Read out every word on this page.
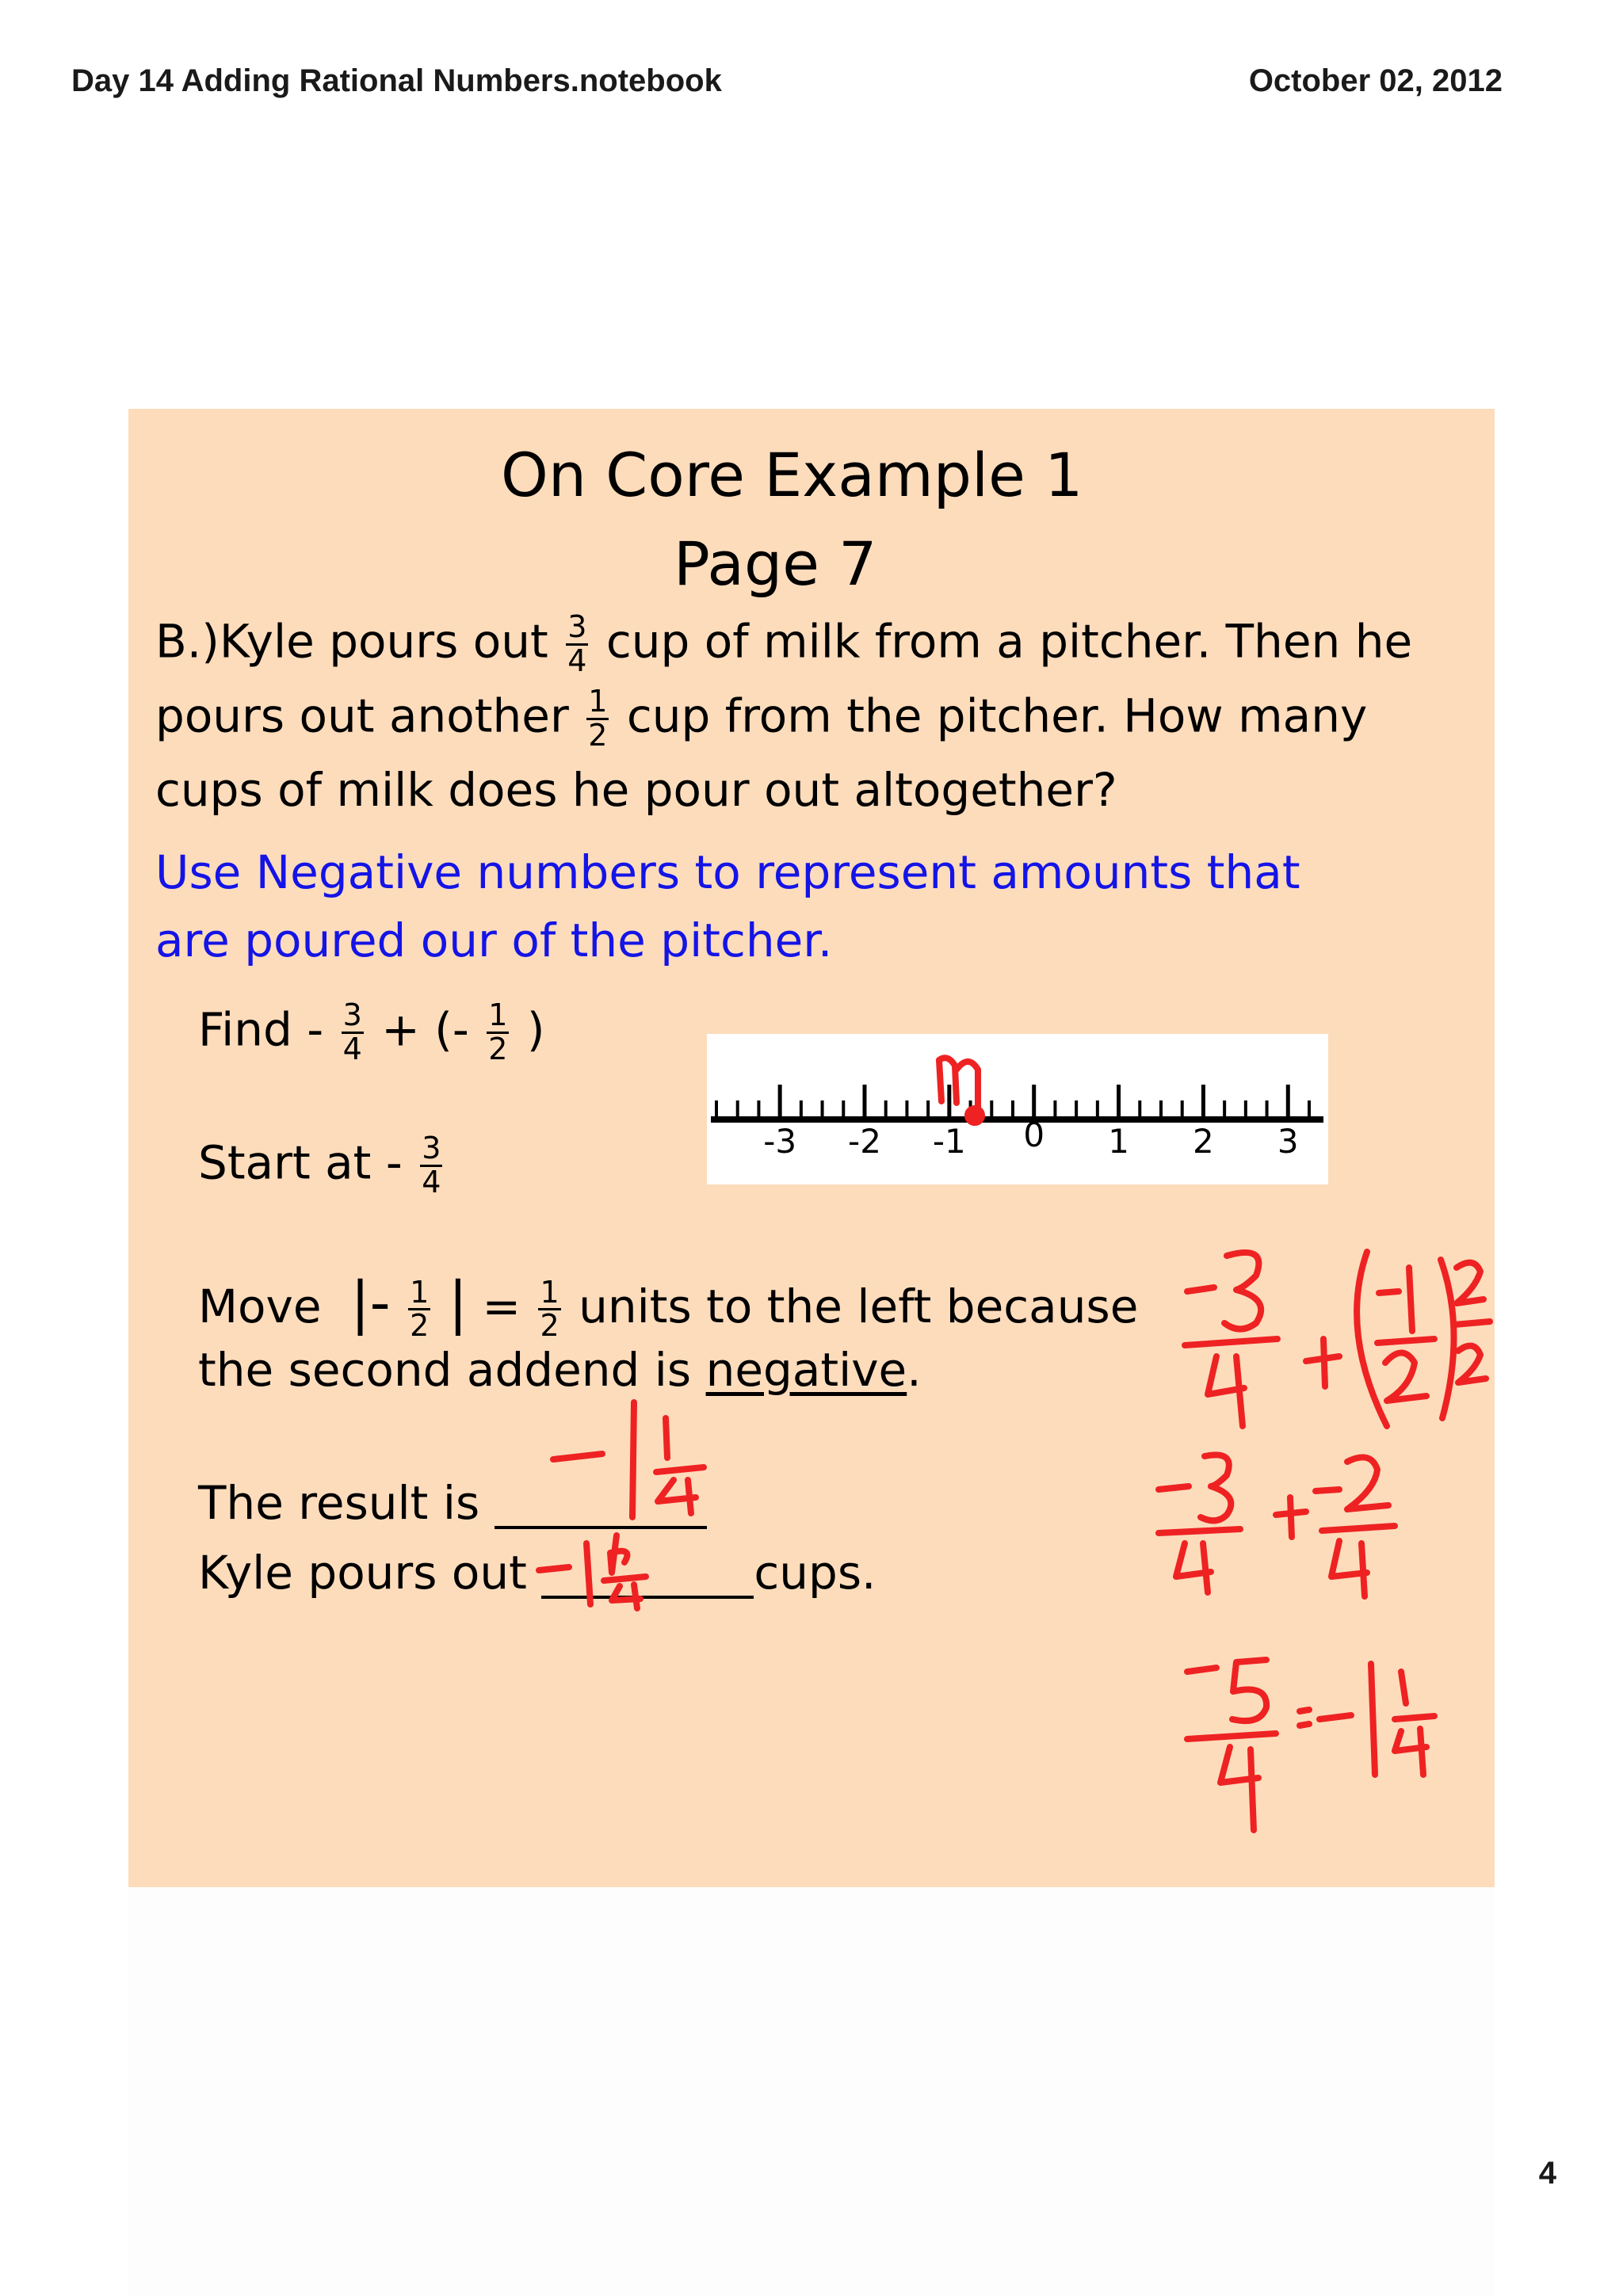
Day 14 Adding Rational Numbers.notebook	October 02, 2012
On Core Example 1
Page 7
B.)Kyle pours out $\frac{3}{4}$ cup of milk from a pitcher. Then he
pours out another $\frac{1}{2}$ cup from the pitcher. How many
cups of milk does he pour out altogether?
Use Negative numbers to represent amounts that
are poured our of the pitcher.
Find - $\frac{3}{4}$ + (- $\frac{1}{2}$ )
Start at - $\frac{3}{4}$	-3 -2 -1 0 1 2 3
Move |- $\frac{1}{2}$ | = $\frac{1}{2}$ units to the left because
the second addend is negative.
The result is
Kyle pours out	cups.
4
